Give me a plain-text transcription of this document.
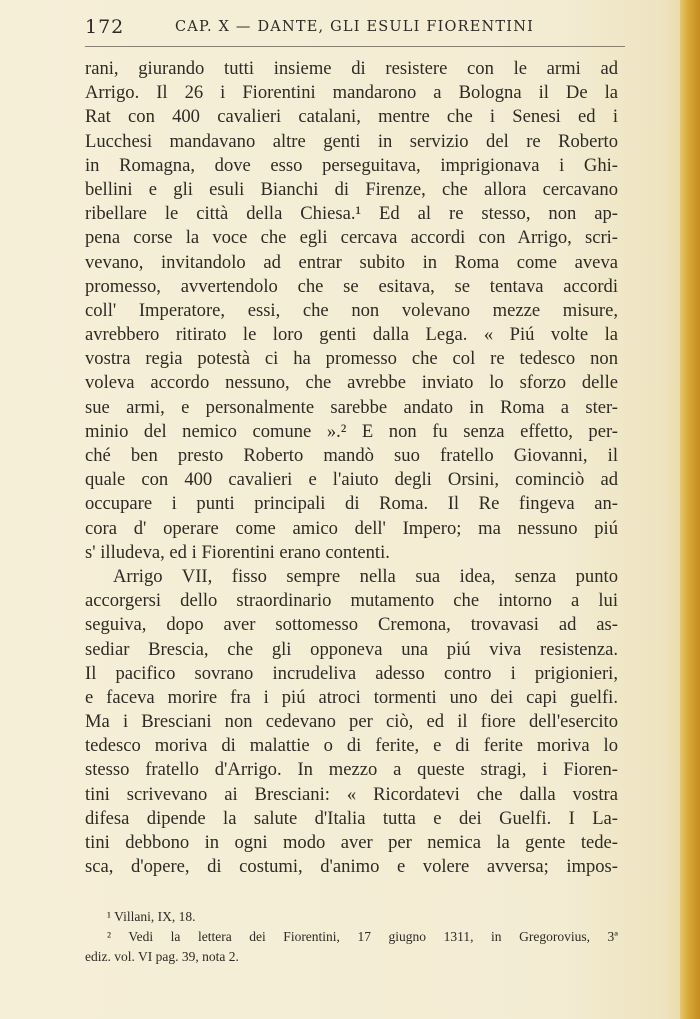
172	CAP. X — DANTE, GLI ESULI FIORENTINI
rani, giurando tutti insieme di resistere con le armi ad
Arrigo. Il 26 i Fiorentini mandarono a Bologna il De la
Rat con 400 cavalieri catalani, mentre che i Senesi ed i
Lucchesi mandavano altre genti in servizio del re Roberto
in Romagna, dove esso perseguitava, imprigionava i Ghi-
bellini e gli esuli Bianchi di Firenze, che allora cercavano
ribellare le città della Chiesa.¹ Ed al re stesso, non ap-
pena corse la voce che egli cercava accordi con Arrigo, scri-
vevano, invitandolo ad entrar subito in Roma come aveva
promesso, avvertendolo che se esitava, se tentava accordi
coll' Imperatore, essi, che non volevano mezze misure,
avrebbero ritirato le loro genti dalla Lega. « Piú volte la
vostra regia potestà ci ha promesso che col re tedesco non
voleva accordo nessuno, che avrebbe inviato lo sforzo delle
sue armi, e personalmente sarebbe andato in Roma a ster-
minio del nemico comune ».² E non fu senza effetto, per-
ché ben presto Roberto mandò suo fratello Giovanni, il
quale con 400 cavalieri e l'aiuto degli Orsini, cominciò ad
occupare i punti principali di Roma. Il Re fingeva an-
cora d' operare come amico dell' Impero; ma nessuno piú
s' illudeva, ed i Fiorentini erano contenti.
Arrigo VII, fisso sempre nella sua idea, senza punto
accorgersi dello straordinario mutamento che intorno a lui
seguiva, dopo aver sottomesso Cremona, trovavasi ad as-
sediar Brescia, che gli opponeva una piú viva resistenza.
Il pacifico sovrano incrudeliva adesso contro i prigionieri,
e faceva morire fra i piú atroci tormenti uno dei capi guelfi.
Ma i Bresciani non cedevano per ciò, ed il fiore dell'esercito
tedesco moriva di malattie o di ferite, e di ferite moriva lo
stesso fratello d'Arrigo. In mezzo a queste stragi, i Fioren-
tini scrivevano ai Bresciani: « Ricordatevi che dalla vostra
difesa dipende la salute d'Italia tutta e dei Guelfi. I La-
tini debbono in ogni modo aver per nemica la gente tede-
sca, d'opere, di costumi, d'animo e volere avversa; impos-
¹ Villani, IX, 18.
² Vedi la lettera dei Fiorentini, 17 giugno 1311, in Gregorovius, 3ª
ediz. vol. VI pag. 39, nota 2.
